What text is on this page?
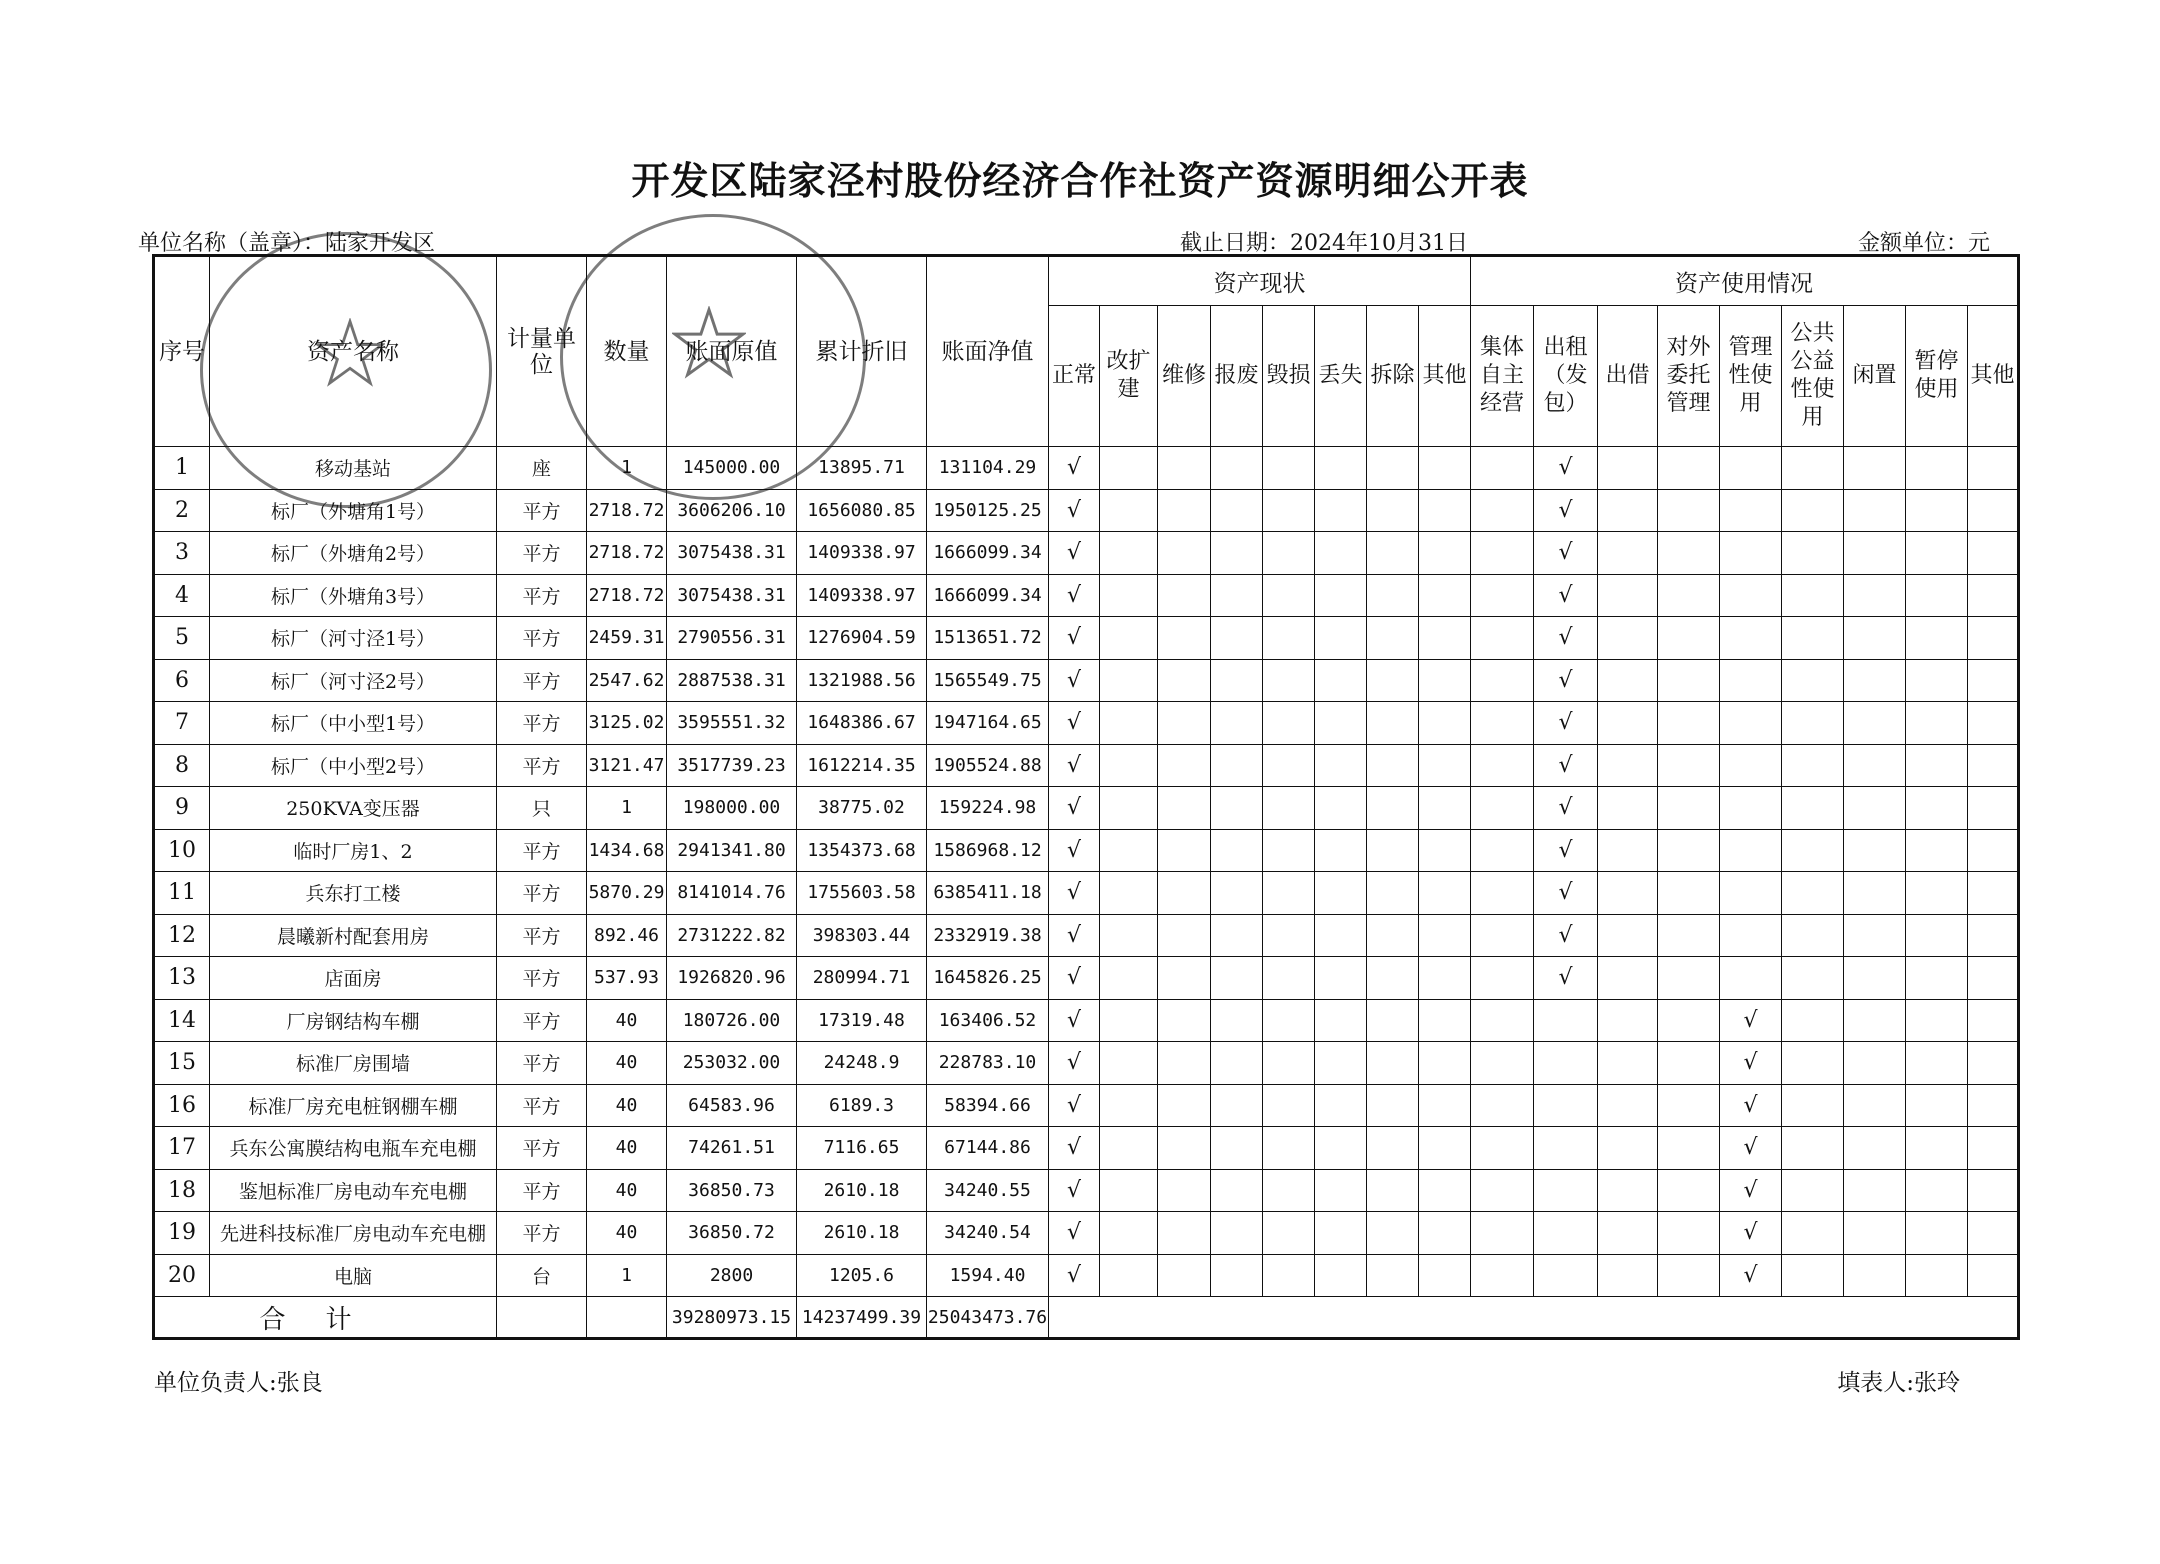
开发区陆家泾村股份经济合作社资产资源明细公开表
单位名称（盖章）：陆家开发区	截止日期：2024年10月31日	金额单位：元
序号	资产名称	计量单位	数量	账面原值	累计折旧	账面净值	资产现状								资产使用情况								
							正常	改扩建	维修	报废	毁损	丢失	拆除	其他	集体自主经营	出租（发包）	出借	对外委托管理	管理性使用	公共公益性使用	闲置	暂停使用	其他
1	移动基站	座	1	145000.00	13895.71	131104.29	√									√							
2	标厂（外塘角1号）	平方	2718.72	3606206.10	1656080.85	1950125.25	√									√							
3	标厂（外塘角2号）	平方	2718.72	3075438.31	1409338.97	1666099.34	√									√							
4	标厂（外塘角3号）	平方	2718.72	3075438.31	1409338.97	1666099.34	√									√							
5	标厂（河寸泾1号）	平方	2459.31	2790556.31	1276904.59	1513651.72	√									√							
6	标厂（河寸泾2号）	平方	2547.62	2887538.31	1321988.56	1565549.75	√									√							
7	标厂（中小型1号）	平方	3125.02	3595551.32	1648386.67	1947164.65	√									√							
8	标厂（中小型2号）	平方	3121.47	3517739.23	1612214.35	1905524.88	√									√							
9	250KVA变压器	只	1	198000.00	38775.02	159224.98	√									√							
10	临时厂房1、2	平方	1434.68	2941341.80	1354373.68	1586968.12	√									√							
11	兵东打工楼	平方	5870.29	8141014.76	1755603.58	6385411.18	√									√							
12	晨曦新村配套用房	平方	892.46	2731222.82	398303.44	2332919.38	√									√							
13	店面房	平方	537.93	1926820.96	280994.71	1645826.25	√									√							
14	厂房钢结构车棚	平方	40	180726.00	17319.48	163406.52	√												√				
15	标准厂房围墙	平方	40	253032.00	24248.9	228783.10	√												√				
16	标准厂房充电桩钢棚车棚	平方	40	64583.96	6189.3	58394.66	√												√				
17	兵东公寓膜结构电瓶车充电棚	平方	40	74261.51	7116.65	67144.86	√												√				
18	鉴旭标准厂房电动车充电棚	平方	40	36850.73	2610.18	34240.55	√												√				
19	先进科技标准厂房电动车充电棚	平方	40	36850.72	2610.18	34240.54	√												√				
20	电脑	台	1	2800	1205.6	1594.40	√												√				
合计				39280973.15	14237499.39	25043473.76																	
单位负责人:张良	填表人:张玲
